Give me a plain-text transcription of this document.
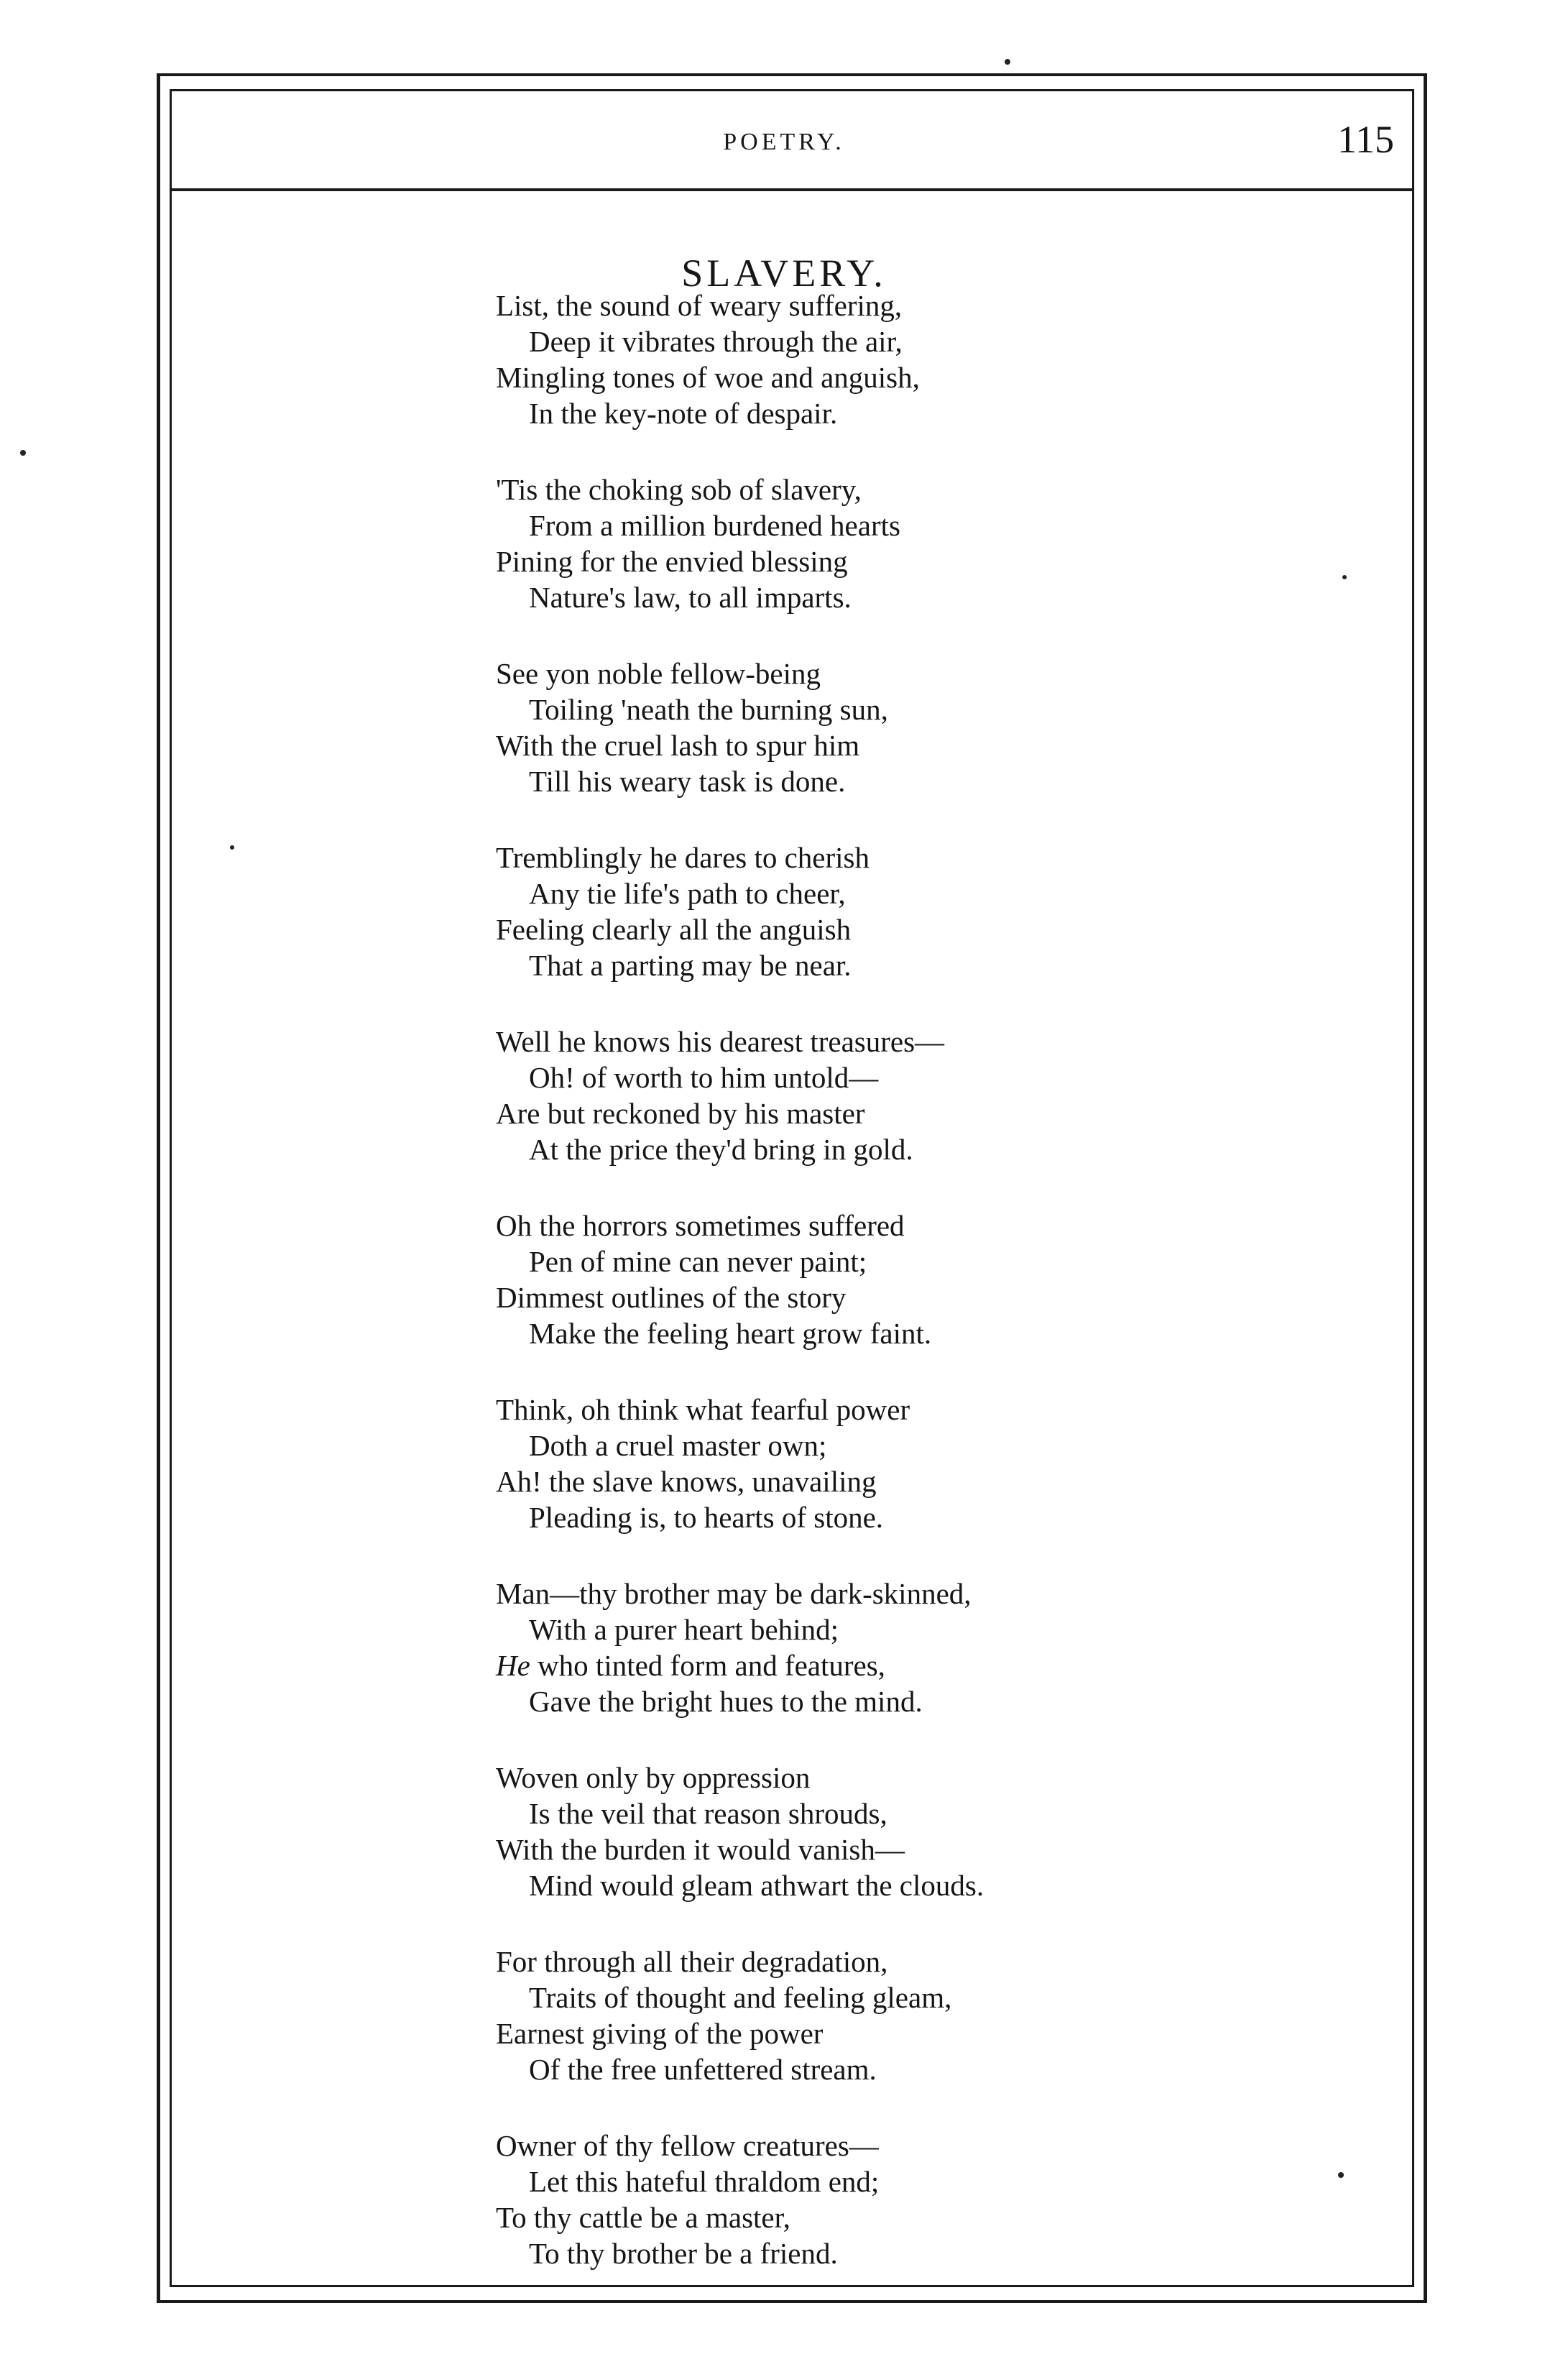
POETRY.	115
SLAVERY.
List, the sound of weary suffering,
Deep it vibrates through the air,
Mingling tones of woe and anguish,
In the key-note of despair.
'Tis the choking sob of slavery,
From a million burdened hearts
Pining for the envied blessing
Nature's law, to all imparts.
See yon noble fellow-being
Toiling 'neath the burning sun,
With the cruel lash to spur him
Till his weary task is done.
Tremblingly he dares to cherish
Any tie life's path to cheer,
Feeling clearly all the anguish
That a parting may be near.
Well he knows his dearest treasures—
Oh! of worth to him untold—
Are but reckoned by his master
At the price they'd bring in gold.
Oh the horrors sometimes suffered
Pen of mine can never paint;
Dimmest outlines of the story
Make the feeling heart grow faint.
Think, oh think what fearful power
Doth a cruel master own;
Ah! the slave knows, unavailing
Pleading is, to hearts of stone.
Man—thy brother may be dark-skinned,
With a purer heart behind;
He who tinted form and features,
Gave the bright hues to the mind.
Woven only by oppression
Is the veil that reason shrouds,
With the burden it would vanish—
Mind would gleam athwart the clouds.
For through all their degradation,
Traits of thought and feeling gleam,
Earnest giving of the power
Of the free unfettered stream.
Owner of thy fellow creatures—
Let this hateful thraldom end;
To thy cattle be a master,
To thy brother be a friend.
